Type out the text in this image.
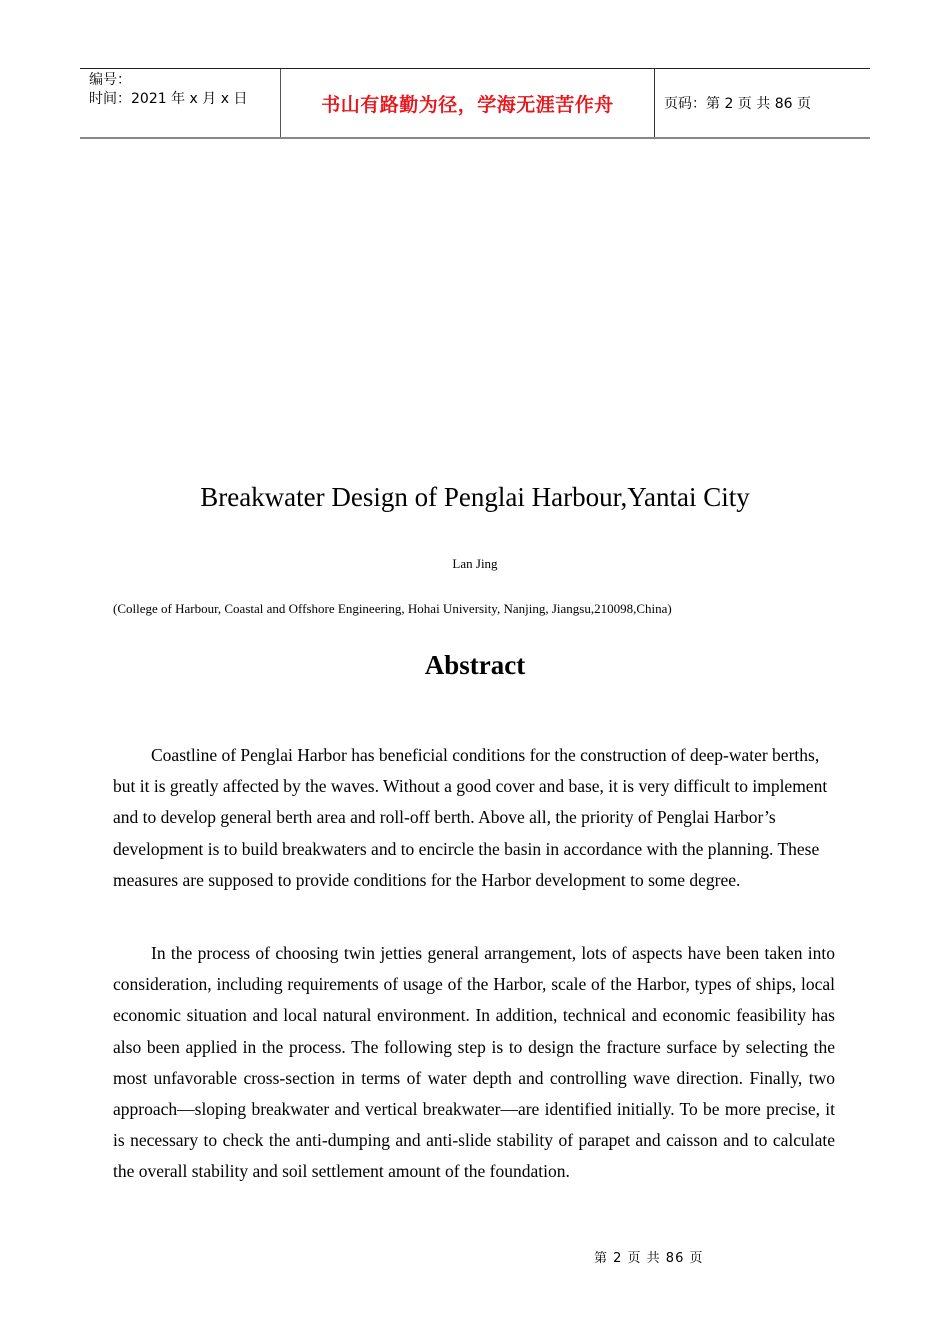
编号：
时间：2021 年 x 月 x 日	书山有路勤为径，学海无涯苦作舟	页码：第 2 页 共 86 页
Breakwater Design of Penglai Harbour,Yantai City
Lan Jing
(College of Harbour, Coastal and Offshore Engineering, Hohai University, Nanjing, Jiangsu,210098,China)
Abstract

Coastline of Penglai Harbor has beneficial conditions for the construction of deep-water berths, but it is greatly affected by the waves. Without a good cover and base, it is very difficult to implement and to develop general berth area and roll-off berth. Above all, the priority of Penglai Harbor’s development is to build breakwaters and to encircle the basin in accordance with the planning. These measures are supposed to provide conditions for the Harbor development to some degree.

In the process of choosing twin jetties general arrangement, lots of aspects have been taken into consideration, including requirements of usage of the Harbor, scale of the Harbor, types of ships, local economic situation and local natural environment. In addition, technical and economic feasibility has also been applied in the process. The following step is to design the fracture surface by selecting the most unfavorable cross-section in terms of water depth and controlling wave direction. Finally, two approach—sloping breakwater and vertical breakwater—are identified initially. To be more precise, it is necessary to check the anti-dumping and anti-slide stability of parapet and caisson and to calculate the overall stability and soil settlement amount of the foundation.

第 2 页 共 86 页
